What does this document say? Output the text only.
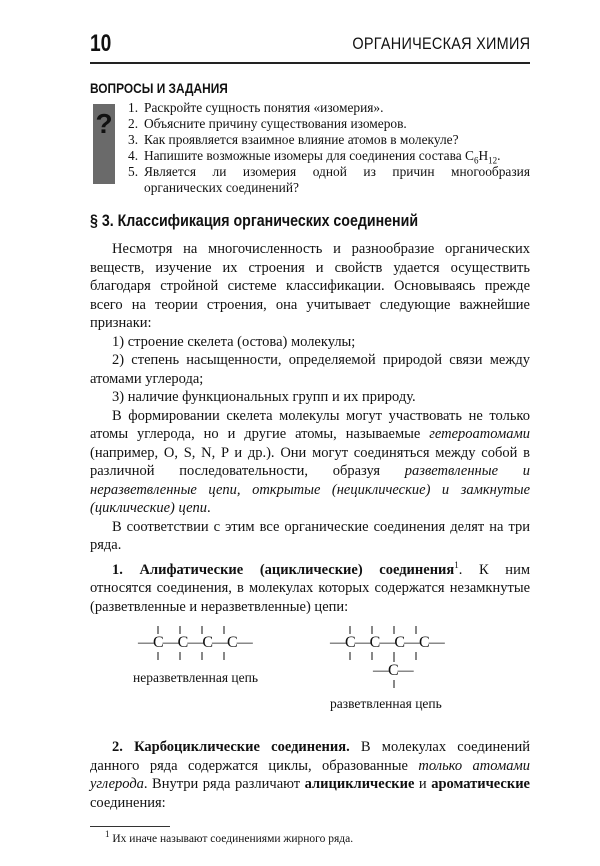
10	ОРГАНИЧЕСКАЯ ХИМИЯ
ВОПРОСЫ И ЗАДАНИЯ
?
1. Раскройте сущность понятия «изомерия».
2. Объясните причину существования изомеров.
3. Как проявляется взаимное влияние атомов в молекуле?
4. Напишите возможные изомеры для соединения состава $C_6H_{12}$.
5. Является ли изомерия одной из причин многообразия органических соединений?
§ 3. Классификация органических соединений

Несмотря на многочисленность и разнообразие органических веществ, изучение их строения и свойств удается осуществить благодаря стройной системе классификации. Основываясь прежде всего на теории строения, она учитывает следующие важнейшие признаки:

1) строение скелета (остова) молекулы;

2) степень насыщенности, определяемой природой связи между атомами углерода;

3) наличие функциональных групп и их природу.

В формировании скелета молекулы могут участвовать не только атомы углерода, но и другие атомы, называемые гетероатомами (например, O, S, N, P и др.). Они могут соединяться между собой в различной последовательности, образуя разветвленные и неразветвленные цепи, открытые (нециклические) и замкнутые (циклические) цепи.

В соответствии с этим все органические соединения делят на три ряда.

1. Алифатические (ациклические) соединения$^1$. К ним относятся соединения, в молекулах которых содержатся незамкнутые (разветвленные и неразветвленные) цепи:

—C—C—C—C—
неразветвленная цепь
—C—C—C—C—
—C—
разветвленная цепь

2. Карбоциклические соединения. В молекулах соединений данного ряда содержатся циклы, образованные только атомами углерода. Внутри ряда различают алициклические и ароматические соединения:

$^1$ Их иначе называют соединениями жирного ряда.
